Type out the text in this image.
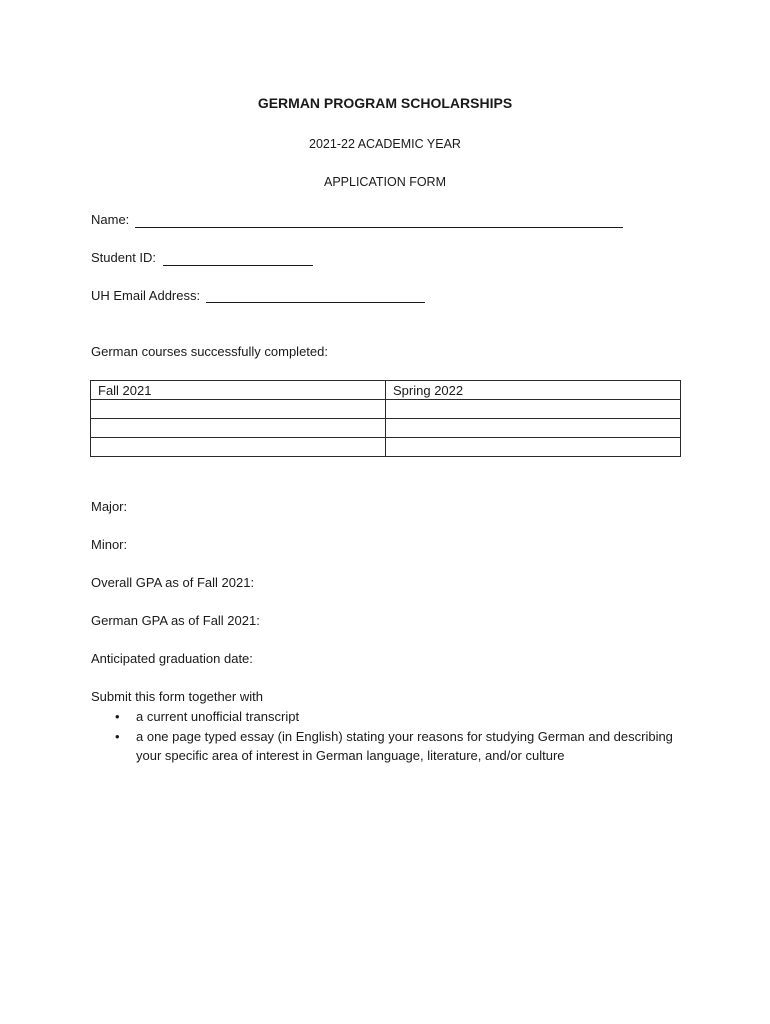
GERMAN PROGRAM SCHOLARSHIPS
2021-22 ACADEMIC YEAR
APPLICATION FORM
Name:
Student ID:
UH Email Address:
German courses successfully completed:
Fall 2021	Spring 2022

Major:
Minor:
Overall GPA as of Fall 2021:
German GPA as of Fall 2021:
Anticipated graduation date:
Submit this form together with
• a current unofficial transcript
• a one page typed essay (in English) stating your reasons for studying German and describing your specific area of interest in German language, literature, and/or culture
